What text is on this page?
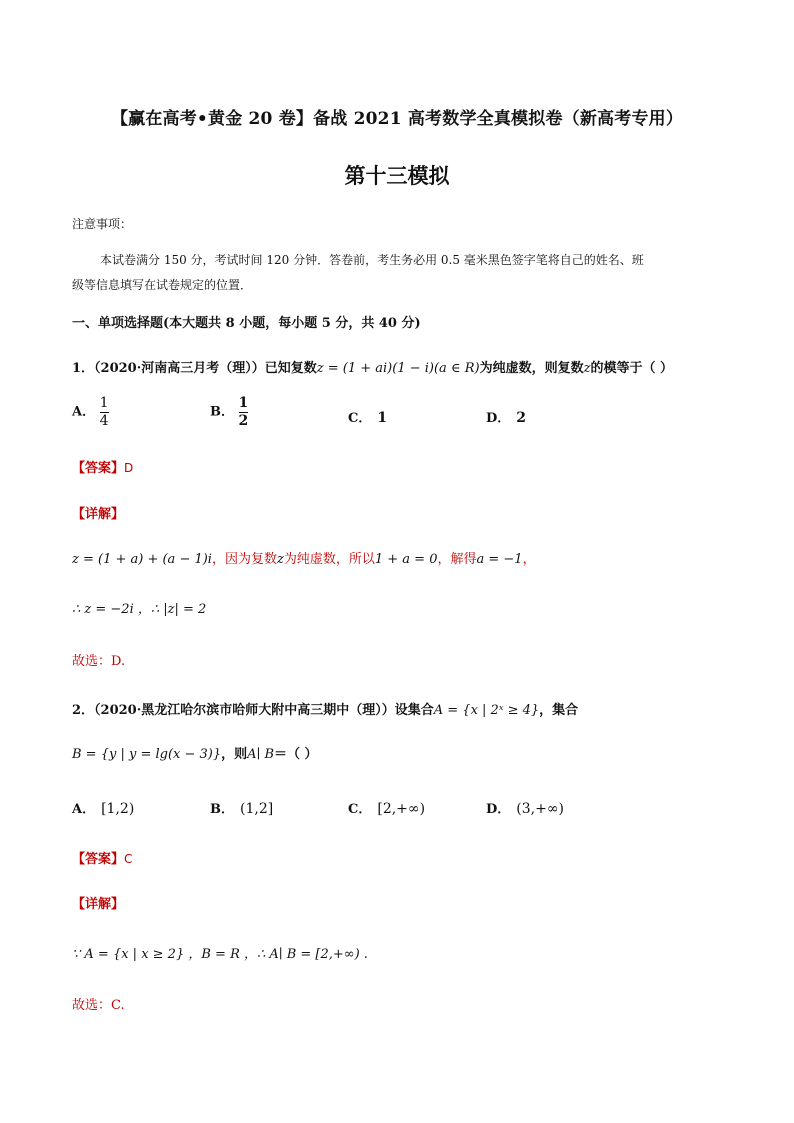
【赢在高考•黄金 20 卷】备战 2021 高考数学全真模拟卷（新高考专用）
第十三模拟
注意事项：
本试卷满分 150 分，考试时间 120 分钟．答卷前，考生务必用 0.5 毫米黑色签字笔将自己的姓名、班
级等信息填写在试卷规定的位置．
一、单项选择题(本大题共 8 小题，每小题 5 分，共 40 分)
1．（2020·河南高三月考（理））已知复数z = (1 + ai)(1 − i)(a ∈ R)为纯虚数，则复数z的模等于（ ）
A． $\frac{1}{4}$	B． $\frac{1}{2}$	C． 1	D． 2
【答案】D
【详解】
z = (1 + a) + (a − 1)i，因为复数z为纯虚数，所以1 + a = 0，解得a = −1，
∴ z = −2i ，∴ |z| = 2
故选：D.
2．（2020·黑龙江哈尔滨市哈师大附中高三期中（理））设集合A = {x | 2ˣ ≥ 4}，集合
B = {y | y = lg(x − 3)}，则A∣ B＝（ ）
A． [1,2)	B． (1,2]	C． [2,+∞)	D． (3,+∞)
【答案】C
【详解】
∵ A = {x | x ≥ 2} ，B = R ，∴ A∣ B = [2,+∞) .
故选：C.
